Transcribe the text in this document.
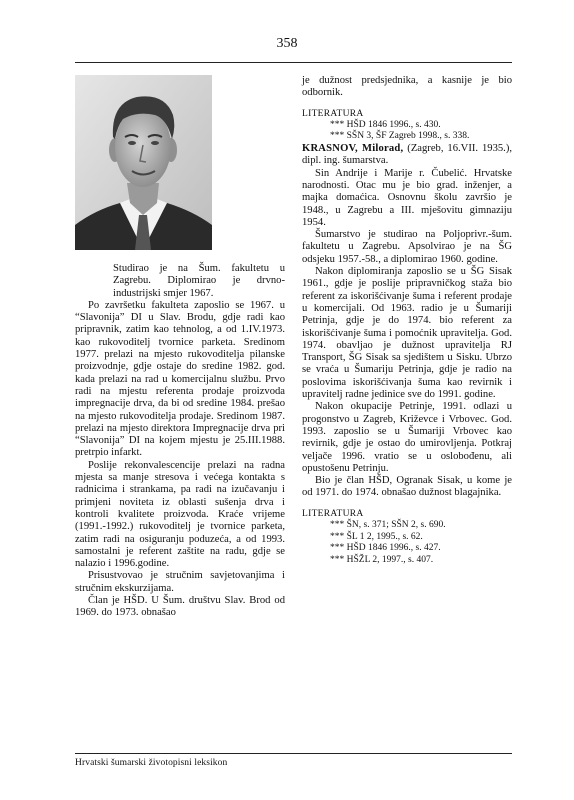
358

Studirao je na Šum. fakultetu u Zagrebu. Diplomirao je drvno-industrijski smjer 1967.

Po završetku fakulteta zaposlio se 1967. u “Slavonija” DI u Slav. Brodu, gdje radi kao pripravnik, zatim kao tehnolog, a od 1.IV.1973. kao rukovoditelj tvornice parketa. Sredinom 1977. prelazi na mjesto rukovoditelja pilanske proizvodnje, gdje ostaje do sredine 1982. god. kada prelazi na rad u komercijalnu službu. Prvo radi na mjestu referenta prodaje proizvoda impregnacije drva, da bi od sredine 1984. prešao na mjesto rukovoditelja prodaje. Sredinom 1987. prelazi na mjesto direktora Impregnacije drva pri “Slavonija” DI na kojem mjestu je 25.III.1988. pretrpio infarkt.

Poslije rekonvalescencije prelazi na radna mjesta sa manje stresova i većega kontakta s radnicima i strankama, pa radi na izučavanju i primjeni noviteta iz oblasti sušenja drva i kontroli kvalitete proizvoda. Kraće vrijeme (1991.-1992.) rukovoditelj je tvornice parketa, zatim radi na osiguranju poduzeća, a od 1993. samostalni je referent zaštite na radu, gdje se nalazio i 1996.godine.

Prisustvovao je stručnim savjetovanjima i stručnim ekskurzijama.

Član je HŠD. U Šum. društvu Slav. Brod od 1969. do 1973. obnašao

je dužnost predsjednika, a kasnije je bio odbornik.

LITERATURA
*** HŠD 1846 1996., s. 430.
*** SŠN 3, ŠF Zagreb 1998., s. 338.

KRASNOV, Milorad, (Zagreb, 16.VII. 1935.), dipl. ing. šumarstva.

Sin Andrije i Marije r. Čubelić. Hrvatske narodnosti. Otac mu je bio grad. inženjer, a majka domaćica. Osnovnu školu završio je 1948., u Zagrebu a III. mješovitu gimnaziju 1954.

Šumarstvo je studirao na Poljoprivr.-šum. fakultetu u Zagrebu. Apsolvirao je na ŠG odsjeku 1957.-58., a diplomirao 1960. godine.

Nakon diplomiranja zaposlio se u ŠG Sisak 1961., gdje je poslije pripravničkog staža bio referent za iskorišćivanje šuma i referent prodaje u komercijali. Od 1963. radio je u Šumariji Petrinja, gdje je do 1974. bio referent za iskorišćivanje šuma i pomoćnik upravitelja. God. 1974. obavljao je dužnost upravitelja RJ Transport, ŠG Sisak sa sjedištem u Sisku. Ubrzo se vraća u Šumariju Petrinja, gdje je radio na poslovima iskorišćivanja šuma kao revirnik i upravitelj radne jedinice sve do 1991. godine.

Nakon okupacije Petrinje, 1991. odlazi u progonstvo u Zagreb, Križevce i Vrbovec. God. 1993. zaposlio se u Šumariji Vrbovec kao revirnik, gdje je ostao do umirovljenja. Potkraj veljače 1996. vratio se u oslobođenu, ali opustošenu Petrinju.

Bio je član HŠD, Ogranak Sisak, u kome je od 1971. do 1974. obnašao dužnost blagajnika.

LITERATURA
*** ŠN, s. 371; SŠN 2, s. 690.
*** ŠL 1 2, 1995., s. 62.
*** HŠD 1846 1996., s. 427.
*** HŠŽL 2, 1997., s. 407.
Hrvatski šumarski životopisni leksikon
